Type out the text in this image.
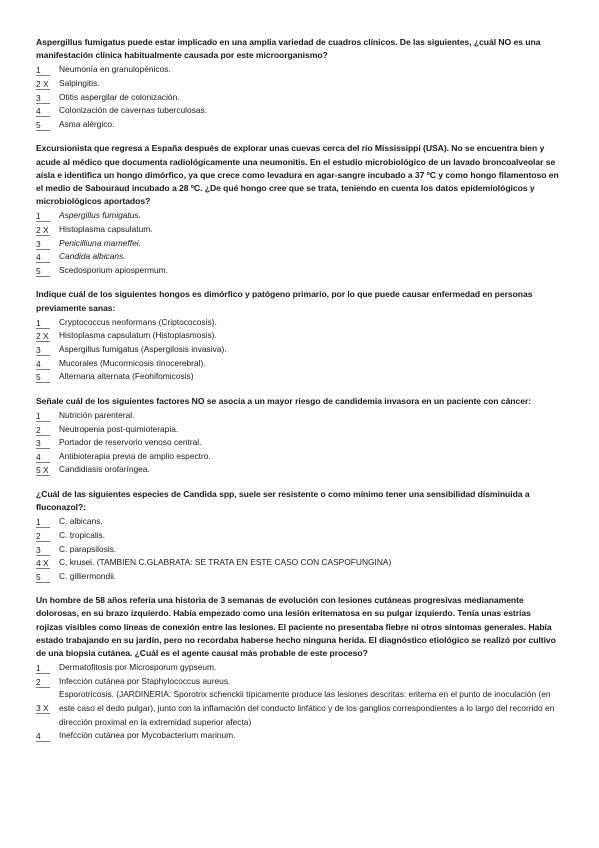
Aspergillus fumigatus puede estar implicado en una amplia variedad de cuadros clínicos. De las siguientes, ¿cuál NO es una manifestación clínica habitualmente causada por este microorganismo?

1	Neumonía en granulopénicos.
2 X Salpingitis.
3	Otitis aspergilar de colonización.
4	Colonización de cavernas tuberculosas.
5	Asma alérgico.

Excursionista que regresa a España después de explorar unas cuevas cerca del río Mississippi (USA). No se encuentra bien y acude al médico que documenta radiológicamente una neumonitis. En el estudio microbiológico de un lavado broncoalveolar se aísla e identifica un hongo dimórfico, ya que crece como levadura en agar-sangre incubado a 37 ºC y como hongo filamentoso en el medio de Sabouraud incubado a 28 ºC. ¿De qué hongo cree que se trata, teniendo en cuenta los datos epidemiológicos y microbiológicos aportados?

1	Aspergillus fumigatus.
2 X Histoplasma capsulatum.
3	Penicilliuna marneffei.
4	Candida albicans.
5	Scedosporium apiospermum.

Indique cuál de los siguientes hongos es dimórfico y patógeno primario, por lo que puede causar enfermedad en personas previamente sanas:

1	Cryptococcus neoformans (Criptococosis).
2 X Histoplasma capsulatum (Histoplasmosis).
3	Aspergillus fumigatus (Aspergilosis invasiva).
4	Mucorales (Mucormicosis rinocerebral).
5	Alternaria alternata (Feohifomicosis)

Señale cuál de los siguientes factores NO se asocia a un mayor riesgo de candidemia invasora en un paciente con cáncer:

1	Nutrición parenteral.
2	Neutropenia post-quimioterapia.
3	Portador de reservorio venoso central.
4	Antibioterapia previa de amplio espectro.
5 X Candidiasis orofaríngea.

¿Cuál de las siguientes especies de Candida spp, suele ser resistente o como mínimo tener una sensibilidad disminuida a fluconazol?:

1	C. albicans.
2	C. tropicalis.
3	C. parapsilosis.
4 X C, krusei. (TAMBIEN C.GLABRATA: SE TRATA EN ESTE CASO CON CASPOFUNGINA)
5	C. gilliermondii.

Un hombre de 58 años refería una historia de 3 semanas de evolución con lesiones cutáneas progresivas medianamente dolorosas, en su brazo izquierdo. Había empezado como una lesión eritematosa en su pulgar izquierdo. Tenía unas estrías rojizas visibles como líneas de conexión entre las lesiones. El paciente no presentaba fiebre ni otros síntomas generales. Había estado trabajando en su jardín, pero no recordaba haberse hecho ninguna herida. El diagnóstico etiológico se realizó por cultivo de una biopsia cutánea. ¿Cuál es el agente causal más probable de este proceso?

1	Dermatofitosis por Microsporum gypseum.
2	Infección cutánea por Staphylococcus aureus.
3 X
Esporotricosis. (JARDINERIA: Sporotrix schenckii típicamente produce las lesiones descritas: eritema en el punto de inoculación (en este caso el dedo pulgar), junto con la inflamación del conducto linfático y de los ganglios correspondientes a lo largo del recorrido en dirección proximal en la extremidad superior afecta)
4	Inefcción cutánea por Mycobacterium marinum.
